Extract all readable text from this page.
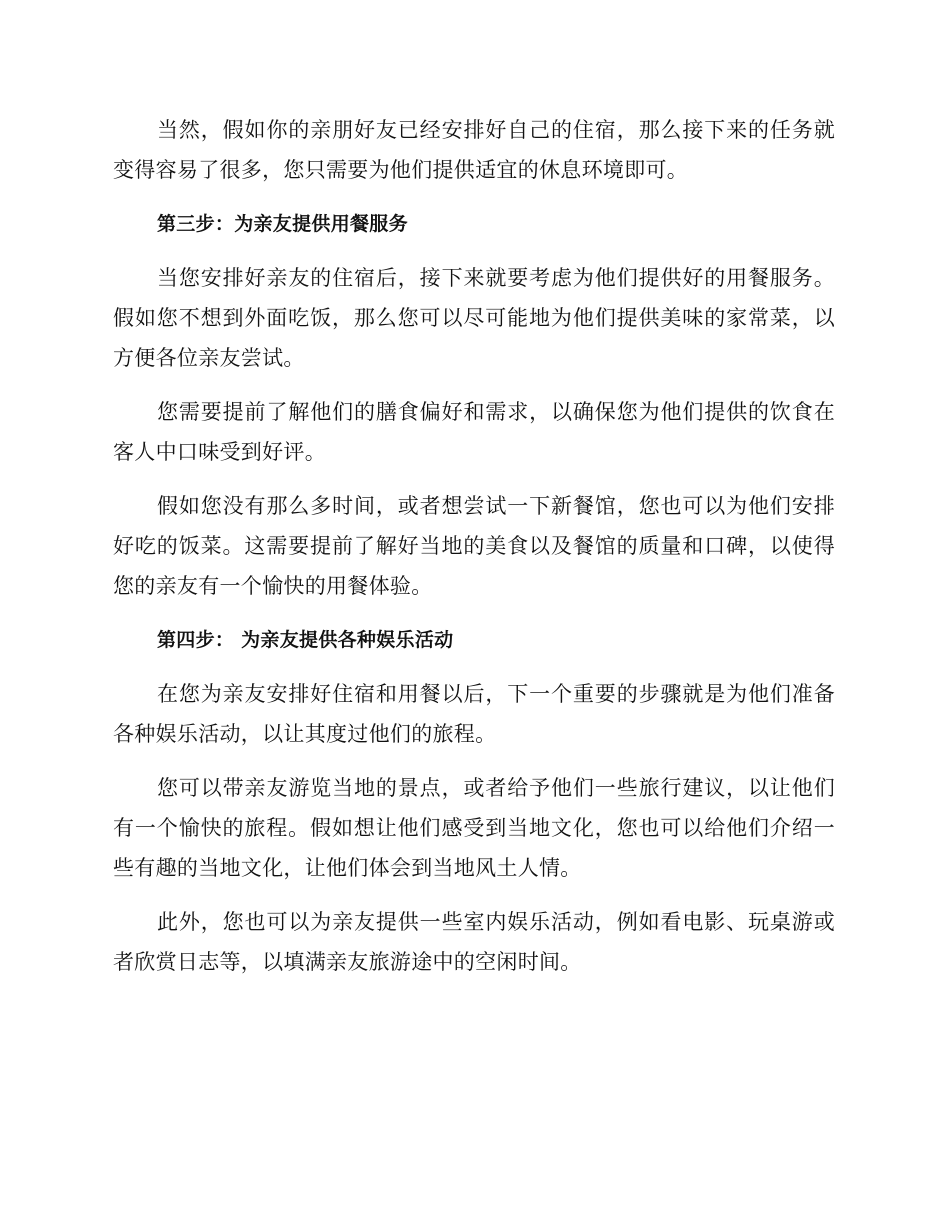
当然，假如你的亲朋好友已经安排好自己的住宿，那么接下来的任务就变得容易了很多，您只需要为他们提供适宜的休息环境即可。

第三步：为亲友提供用餐服务

当您安排好亲友的住宿后，接下来就要考虑为他们提供好的用餐服务。假如您不想到外面吃饭，那么您可以尽可能地为他们提供美味的家常菜，以方便各位亲友尝试。

您需要提前了解他们的膳食偏好和需求，以确保您为他们提供的饮食在客人中口味受到好评。

假如您没有那么多时间，或者想尝试一下新餐馆，您也可以为他们安排好吃的饭菜。这需要提前了解好当地的美食以及餐馆的质量和口碑，以使得您的亲友有一个愉快的用餐体验。

第四步： 为亲友提供各种娱乐活动

在您为亲友安排好住宿和用餐以后，下一个重要的步骤就是为他们准备各种娱乐活动，以让其度过他们的旅程。

您可以带亲友游览当地的景点，或者给予他们一些旅行建议，以让他们有一个愉快的旅程。假如想让他们感受到当地文化，您也可以给他们介绍一些有趣的当地文化，让他们体会到当地风土人情。

此外，您也可以为亲友提供一些室内娱乐活动，例如看电影、玩桌游或者欣赏日志等，以填满亲友旅游途中的空闲时间。
